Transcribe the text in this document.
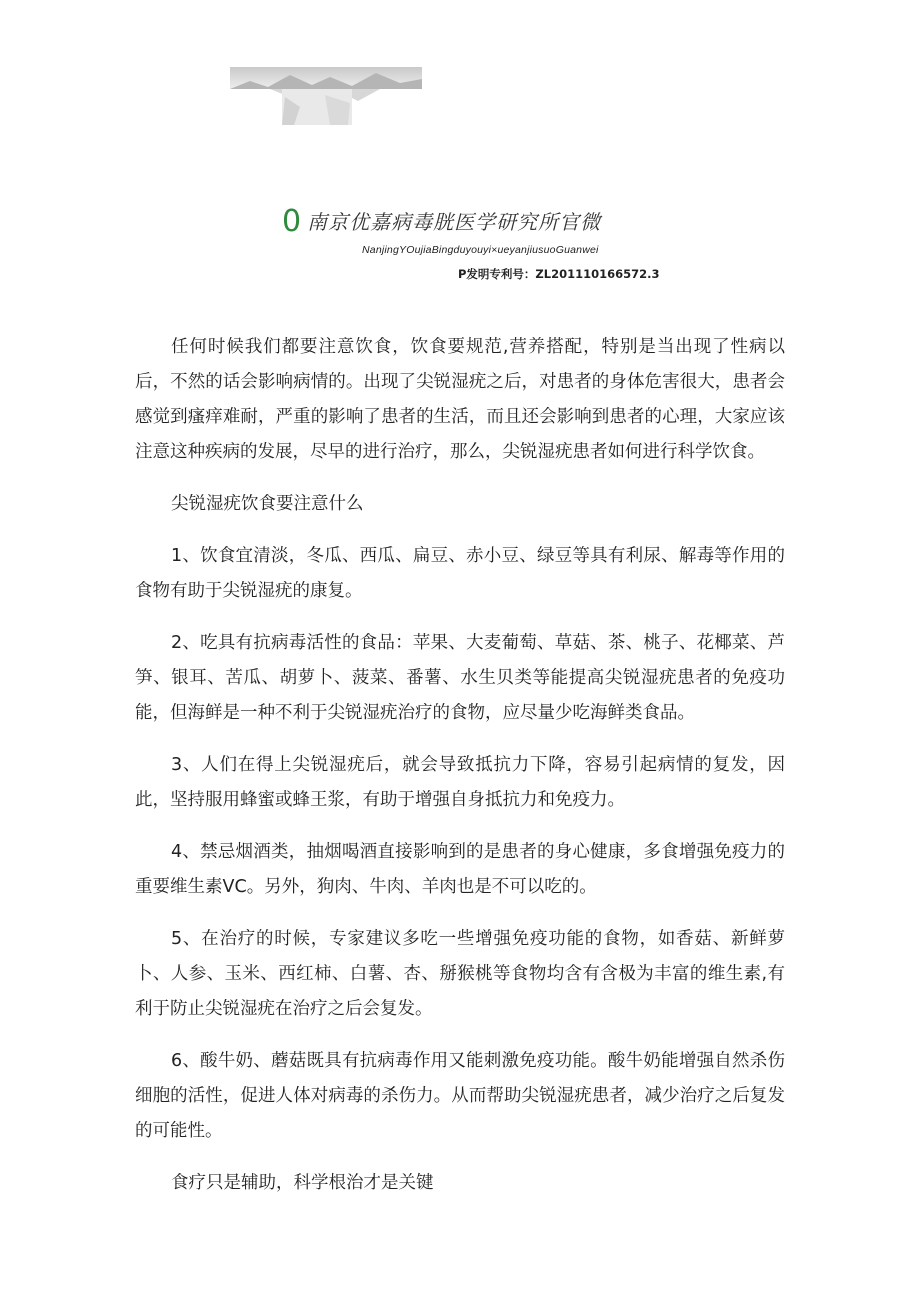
0 南京优嘉病毒胱医学研究所官微
NanjingYOujiaBingduyouyi×ueyanjiusuoGuanwei
P发明专利号：ZL201110166572.3

任何时候我们都要注意饮食，饮食要规范,营养搭配，特别是当出现了性病以后，不然的话会影响病情的。出现了尖锐湿疣之后，对患者的身体危害很大，患者会感觉到瘙痒难耐，严重的影响了患者的生活，而且还会影响到患者的心理，大家应该注意这种疾病的发展，尽早的进行治疗，那么，尖锐湿疣患者如何进行科学饮食。

尖锐湿疣饮食要注意什么

1、饮食宜清淡，冬瓜、西瓜、扁豆、赤小豆、绿豆等具有利尿、解毒等作用的食物有助于尖锐湿疣的康复。

2、吃具有抗病毒活性的食品：苹果、大麦葡萄、草菇、茶、桃子、花椰菜、芦笋、银耳、苦瓜、胡萝卜、菠菜、番薯、水生贝类等能提高尖锐湿疣患者的免疫功能，但海鲜是一种不利于尖锐湿疣治疗的食物，应尽量少吃海鲜类食品。

3、人们在得上尖锐湿疣后，就会导致抵抗力下降，容易引起病情的复发，因此，坚持服用蜂蜜或蜂王浆，有助于增强自身抵抗力和免疫力。

4、禁忌烟酒类，抽烟喝酒直接影响到的是患者的身心健康，多食增强免疫力的重要维生素VC。另外，狗肉、牛肉、羊肉也是不可以吃的。

5、在治疗的时候，专家建议多吃一些增强免疫功能的食物，如香菇、新鲜萝卜、人参、玉米、西红柿、白薯、杏、掰猴桃等食物均含有含极为丰富的维生素,有利于防止尖锐湿疣在治疗之后会复发。

6、酸牛奶、蘑菇既具有抗病毒作用又能刺激免疫功能。酸牛奶能增强自然杀伤细胞的活性，促进人体对病毒的杀伤力。从而帮助尖锐湿疣患者，减少治疗之后复发的可能性。

食疗只是辅助，科学根治才是关键
